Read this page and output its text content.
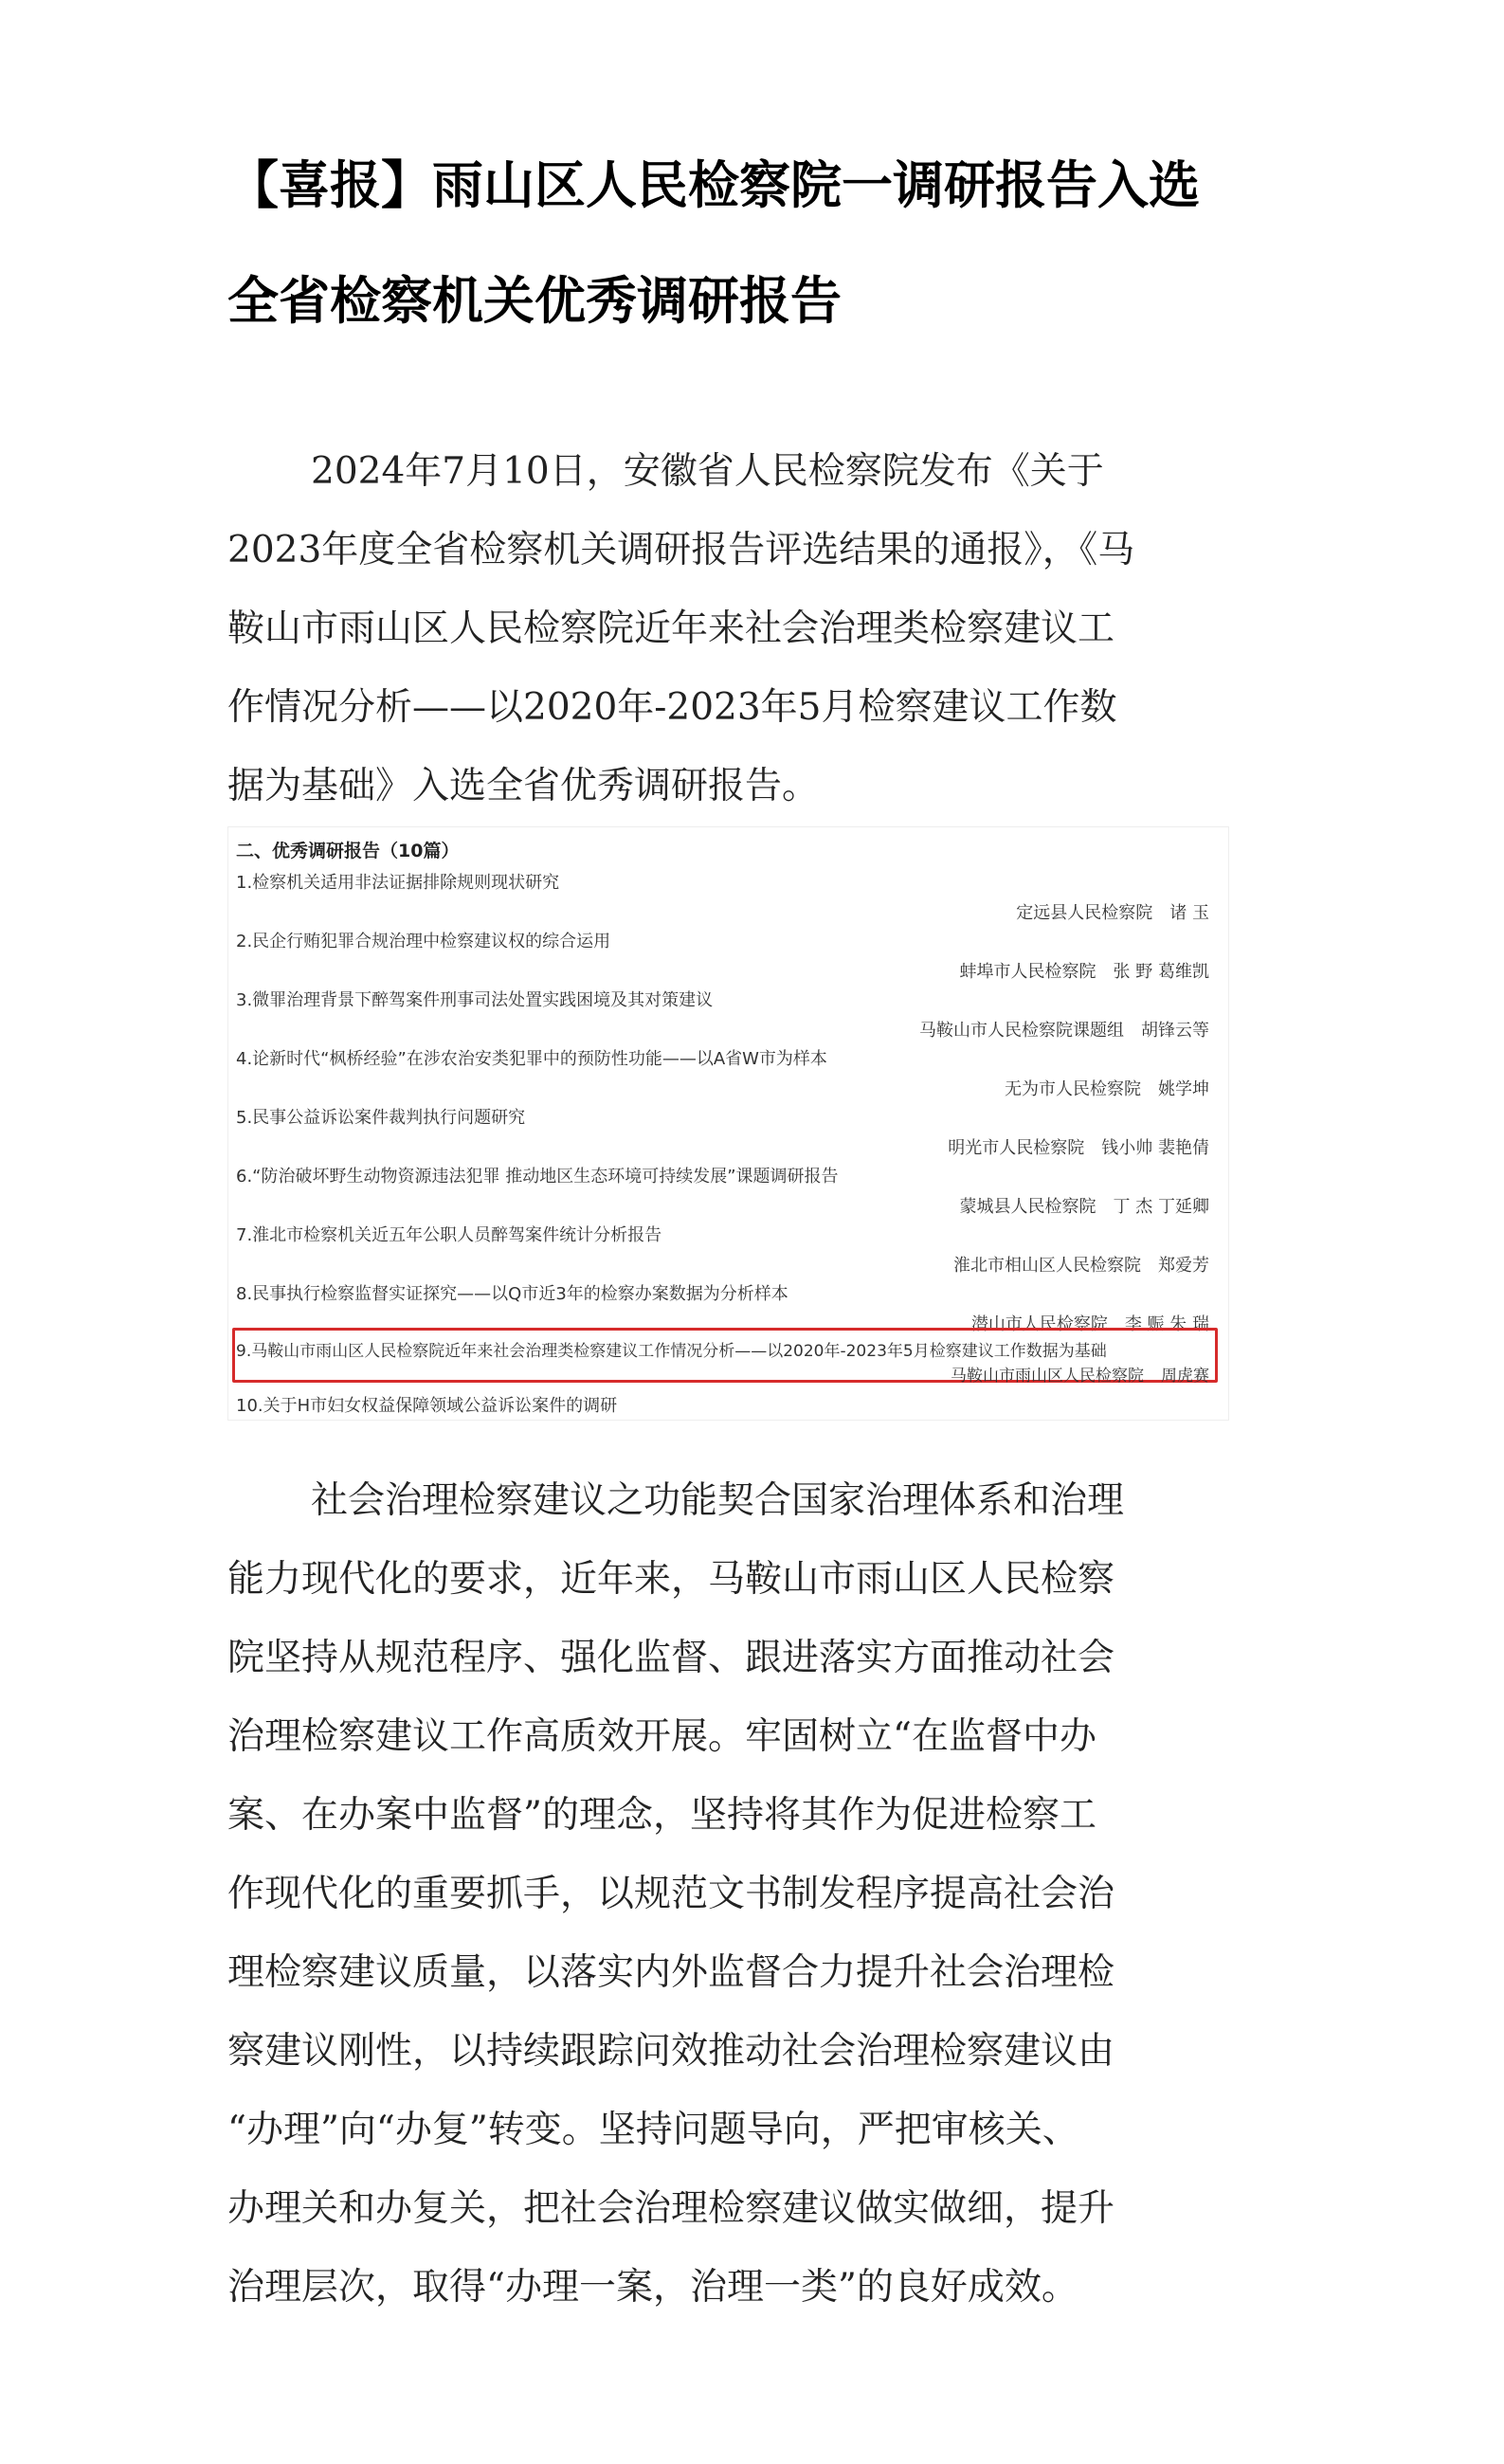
【喜报】雨山区人民检察院一调研报告入选
全省检察机关优秀调研报告
2024年7月10日，安徽省人民检察院发布《关于
2023年度全省检察机关调研报告评选结果的通报》，《马
鞍山市雨山区人民检察院近年来社会治理类检察建议工
作情况分析——以2020年-2023年5月检察建议工作数
据为基础》入选全省优秀调研报告。
二、优秀调研报告（10篇）
1.检察机关适用非法证据排除规则现状研究
定远县人民检察院 诸 玉
2.民企行贿犯罪合规治理中检察建议权的综合运用
蚌埠市人民检察院 张 野 葛维凯
3.微罪治理背景下醉驾案件刑事司法处置实践困境及其对策建议
马鞍山市人民检察院课题组 胡锋云等
4.论新时代“枫桥经验”在涉农治安类犯罪中的预防性功能——以A省W市为样本
无为市人民检察院 姚学坤
5.民事公益诉讼案件裁判执行问题研究
明光市人民检察院 钱小帅 裴艳倩
6.“防治破坏野生动物资源违法犯罪 推动地区生态环境可持续发展”课题调研报告
蒙城县人民检察院 丁 杰 丁延卿
7.淮北市检察机关近五年公职人员醉驾案件统计分析报告
淮北市相山区人民检察院 郑爱芳
8.民事执行检察监督实证探究——以Q市近3年的检察办案数据为分析样本
潜山市人民检察院 李 赈 朱 瑞
9.马鞍山市雨山区人民检察院近年来社会治理类检察建议工作情况分析——以2020年-2023年5月检察建议工作数据为基础
马鞍山市雨山区人民检察院 周虎赛
10.关于H市妇女权益保障领域公益诉讼案件的调研
社会治理检察建议之功能契合国家治理体系和治理
能力现代化的要求，近年来，马鞍山市雨山区人民检察
院坚持从规范程序、强化监督、跟进落实方面推动社会
治理检察建议工作高质效开展。牢固树立“在监督中办
案、在办案中监督”的理念，坚持将其作为促进检察工
作现代化的重要抓手，以规范文书制发程序提高社会治
理检察建议质量，以落实内外监督合力提升社会治理检
察建议刚性，以持续跟踪问效推动社会治理检察建议由
“办理”向“办复”转变。坚持问题导向，严把审核关、
办理关和办复关，把社会治理检察建议做实做细，提升
治理层次，取得“办理一案，治理一类”的良好成效。
